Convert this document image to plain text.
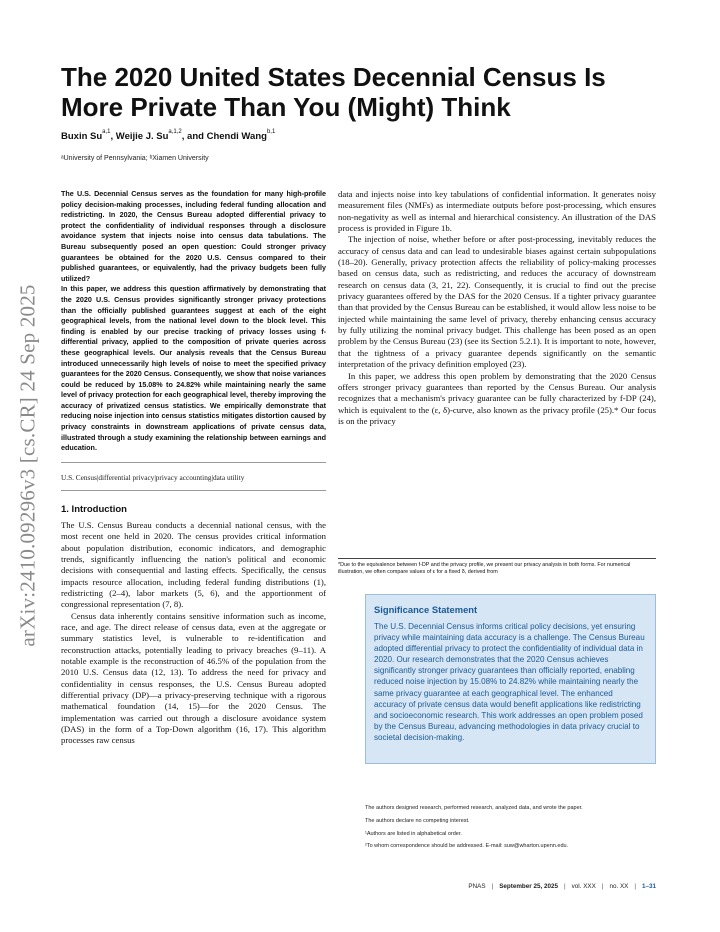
arXiv:2410.09296v3 [cs.CR] 24 Sep 2025
The 2020 United States Decennial Census Is More Private Than You (Might) Think
Buxin Su$^{a,1}$, Weijie J. Su$^{a,1,2}$, and Chendi Wang$^{b,1}$
ᵃUniversity of Pennsylvania; ᵇXiamen University

The U.S. Decennial Census serves as the foundation for many high-profile policy decision-making processes, including federal funding allocation and redistricting. In 2020, the Census Bureau adopted differential privacy to protect the confidentiality of individual responses through a disclosure avoidance system that injects noise into census data tabulations. The Bureau subsequently posed an open question: Could stronger privacy guarantees be obtained for the 2020 U.S. Census compared to their published guarantees, or equivalently, had the privacy budgets been fully utilized?

In this paper, we address this question affirmatively by demonstrating that the 2020 U.S. Census provides significantly stronger privacy protections than the officially published guarantees suggest at each of the eight geographical levels, from the national level down to the block level. This finding is enabled by our precise tracking of privacy losses using f-differential privacy, applied to the composition of private queries across these geographical levels. Our analysis reveals that the Census Bureau introduced unnecessarily high levels of noise to meet the specified privacy guarantees for the 2020 Census. Consequently, we show that noise variances could be reduced by 15.08% to 24.82% while maintaining nearly the same level of privacy protection for each geographical level, thereby improving the accuracy of privatized census statistics. We empirically demonstrate that reducing noise injection into census statistics mitigates distortion caused by privacy constraints in downstream applications of private census data, illustrated through a study examining the relationship between earnings and education.

U.S. Census|differential privacy|privacy accounting|data utility
1. Introduction

The U.S. Census Bureau conducts a decennial national census, with the most recent one held in 2020. The census provides critical information about population distribution, economic indicators, and demographic trends, significantly influencing the nation's political and economic decisions with consequential and lasting effects. Specifically, the census impacts resource allocation, including federal funding distributions (1), redistricting (2–4), labor markets (5, 6), and the apportionment of congressional representation (7, 8).

Census data inherently contains sensitive information such as income, race, and age. The direct release of census data, even at the aggregate or summary statistics level, is vulnerable to re-identification and reconstruction attacks, potentially leading to privacy breaches (9–11). A notable example is the reconstruction of 46.5% of the population from the 2010 U.S. Census data (12, 13). To address the need for privacy and confidentiality in census responses, the U.S. Census Bureau adopted differential privacy (DP)—a privacy-preserving technique with a rigorous mathematical foundation (14, 15)—for the 2020 Census. The implementation was carried out through a disclosure avoidance system (DAS) in the form of a Top-Down algorithm (16, 17). This algorithm processes raw census

data and injects noise into key tabulations of confidential information. It generates noisy measurement files (NMFs) as intermediate outputs before post-processing, which ensures non-negativity as well as internal and hierarchical consistency. An illustration of the DAS process is provided in Figure 1b.

The injection of noise, whether before or after post-processing, inevitably reduces the accuracy of census data and can lead to undesirable biases against certain subpopulations (18–20). Generally, privacy protection affects the reliability of policy-making processes based on census data, such as redistricting, and reduces the accuracy of downstream research on census data (3, 21, 22). Consequently, it is crucial to find out the precise privacy guarantees offered by the DAS for the 2020 Census. If a tighter privacy guarantee than that provided by the Census Bureau can be established, it would allow less noise to be injected while maintaining the same level of privacy, thereby enhancing census accuracy by fully utilizing the nominal privacy budget. This challenge has been posed as an open problem by the Census Bureau (23) (see its Section 5.2.1). It is important to note, however, that the tightness of a privacy guarantee depends significantly on the semantic interpretation of the privacy definition employed (23).

In this paper, we address this open problem by demonstrating that the 2020 Census offers stronger privacy guarantees than reported by the Census Bureau. Our analysis recognizes that a mechanism's privacy guarantee can be fully characterized by f-DP (24), which is equivalent to the (ε, δ)-curve, also known as the privacy profile (25).* Our focus is on the privacy

*Due to the equivalence between f-DP and the privacy profile, we present our privacy analysis in both forms. For numerical illustration, we often compare values of ε for a fixed δ, derived from

Significance Statement

The U.S. Decennial Census informs critical policy decisions, yet ensuring privacy while maintaining data accuracy is a challenge. The Census Bureau adopted differential privacy to protect the confidentiality of individual data in 2020. Our research demonstrates that the 2020 Census achieves significantly stronger privacy guarantees than officially reported, enabling reduced noise injection by 15.08% to 24.82% while maintaining nearly the same privacy guarantee at each geographical level. The enhanced accuracy of private census data would benefit applications like redistricting and socioeconomic research. This work addresses an open problem posed by the Census Bureau, advancing methodologies in data privacy crucial to societal decision-making.

The authors designed research, performed research, analyzed data, and wrote the paper.

The authors declare no competing interest.

¹Authors are listed in alphabetical order.

²To whom correspondence should be addressed. E-mail: suw@wharton.upenn.edu.

PNAS | September 25, 2025 | vol. XXX | no. XX | 1–31
